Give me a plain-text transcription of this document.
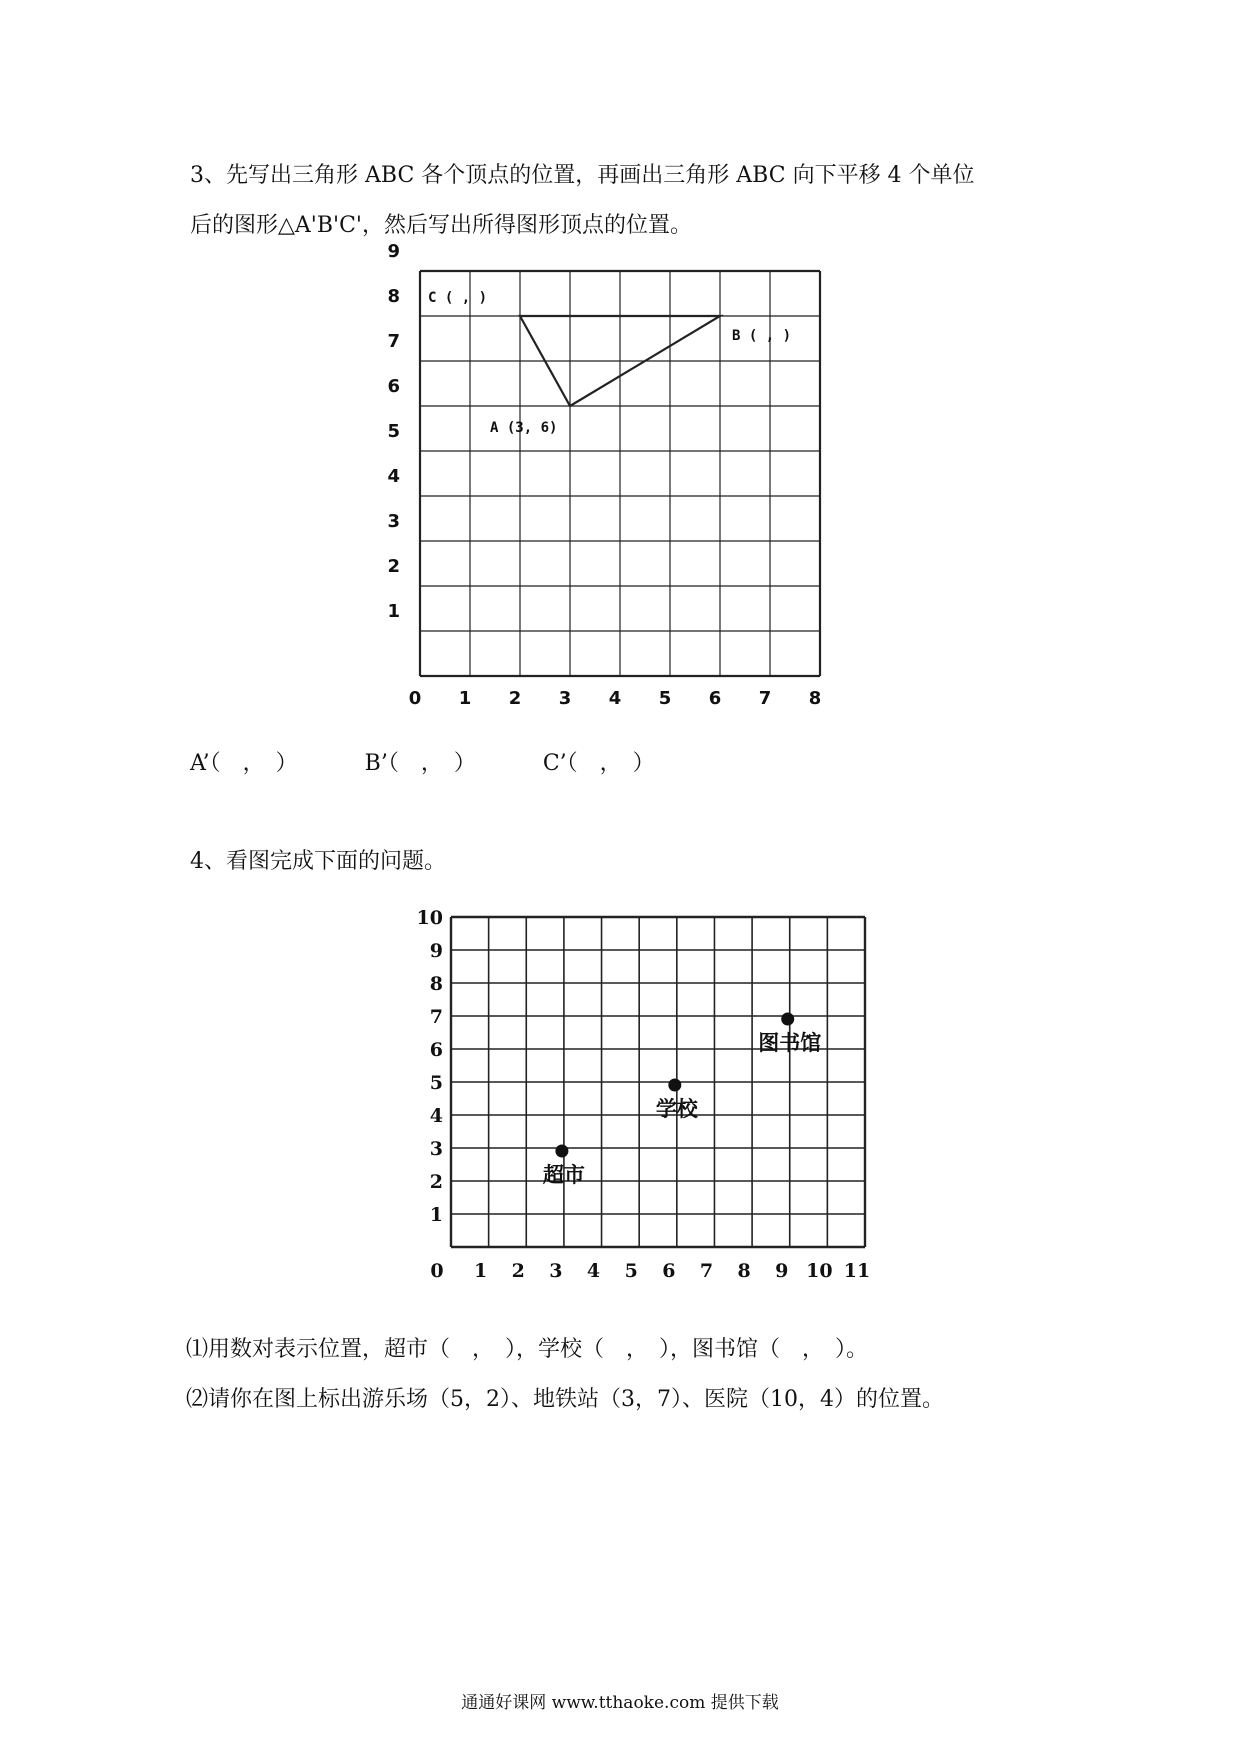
3、先写出三角形 ABC 各个顶点的位置，再画出三角形 ABC 向下平移 4 个单位
后的图形△A'B'C'，然后写出所得图形顶点的位置。
0 1 2 3 4 5 6 7 8
1
2
3
4
5
6
7
8
9
A (3, 6)
B ( , )
C ( , )
A’（　，　）	B’（　，　）	C’（　，　）
4、看图完成下面的问题。
0 1 2 3 4 5 6 7 8 9 10 11
1
2
3
4
5
6
7
8
9
10
超市
学校
图书馆
⑴用数对表示位置，超市（　，　），学校（　，　），图书馆（　，　）。
⑵请你在图上标出游乐场（5，2）、地铁站（3，7）、医院（10，4）的位置。
通通好课网 www.tthaoke.com 提供下载
